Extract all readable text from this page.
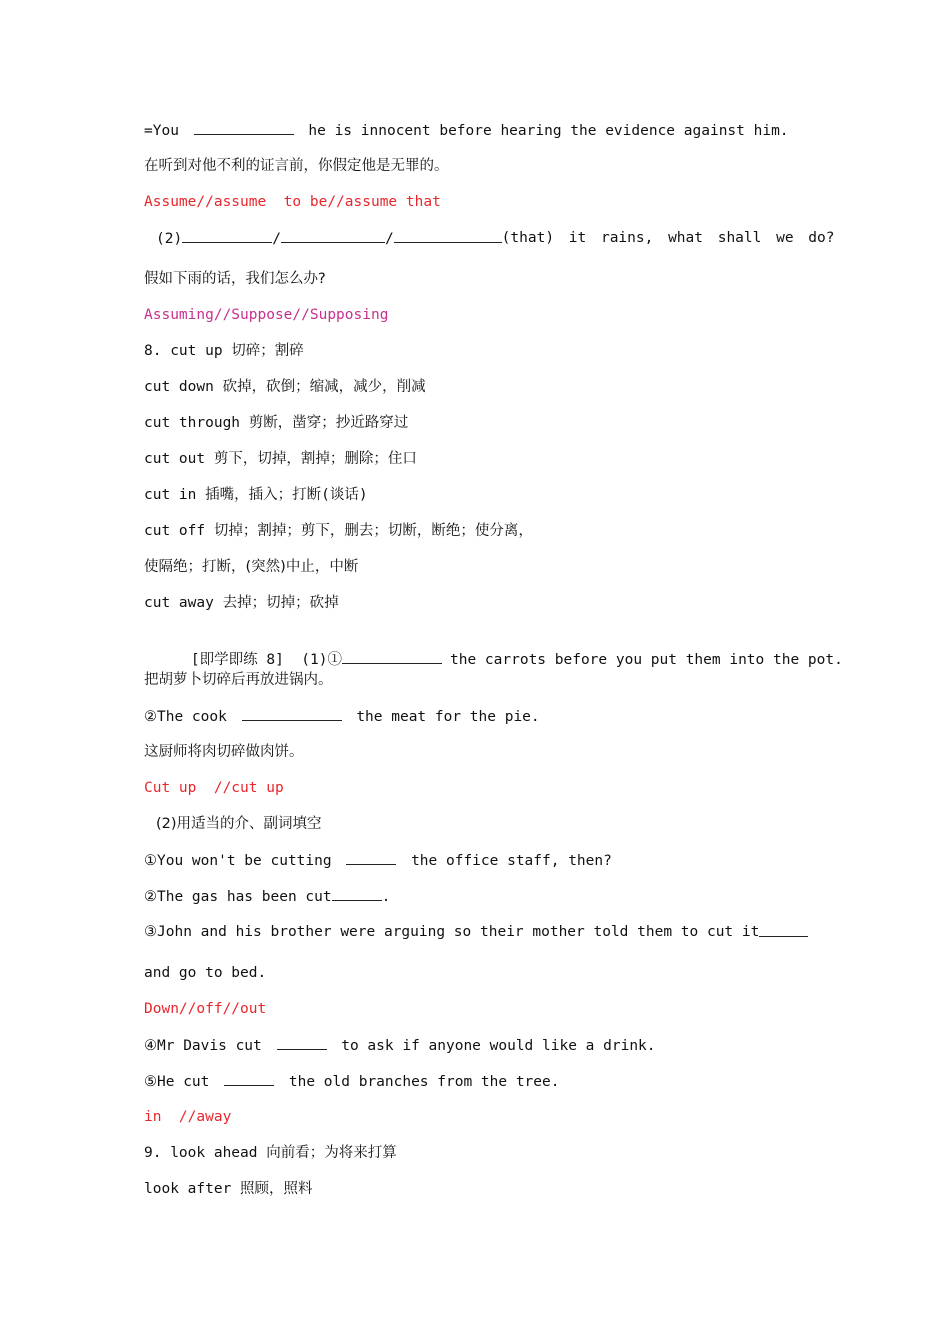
=You	he is innocent before hearing the evidence against him.
在听到对他不利的证言前，你假定他是无罪的。
Assume//assume  to be//assume that
(2)	/	/	(that) it rains, what shall we do?
假如下雨的话，我们怎么办?
Assuming//Suppose//Supposing
8. cut up 切碎；割碎
cut down 砍掉，砍倒；缩减，减少，削减
cut through 剪断，凿穿；抄近路穿过
cut out 剪下，切掉，割掉；删除；住口
cut in 插嘴，插入；打断(谈话)
cut off 切掉；割掉；剪下，删去；切断，断绝；使分离，
使隔绝；打断，(突然)中止，中断
cut away 去掉；切掉；砍掉

[即学即练 8]  (1)①	the carrots before you put them into the pot.

把胡萝卜切碎后再放进锅内。
②The cook	the meat for the pie.
这厨师将肉切碎做肉饼。
Cut up  //cut up
(2)用适当的介、副词填空
①You won't be cutting	the office staff, then?
②The gas has been cut	.
③John and his brother were arguing so their mother told them to cut it
and go to bed.
Down//off//out
④Mr Davis cut	to ask if anyone would like a drink.
⑤He cut	the old branches from the tree.
in  //away
9. look ahead 向前看；为将来打算
look after 照顾，照料
